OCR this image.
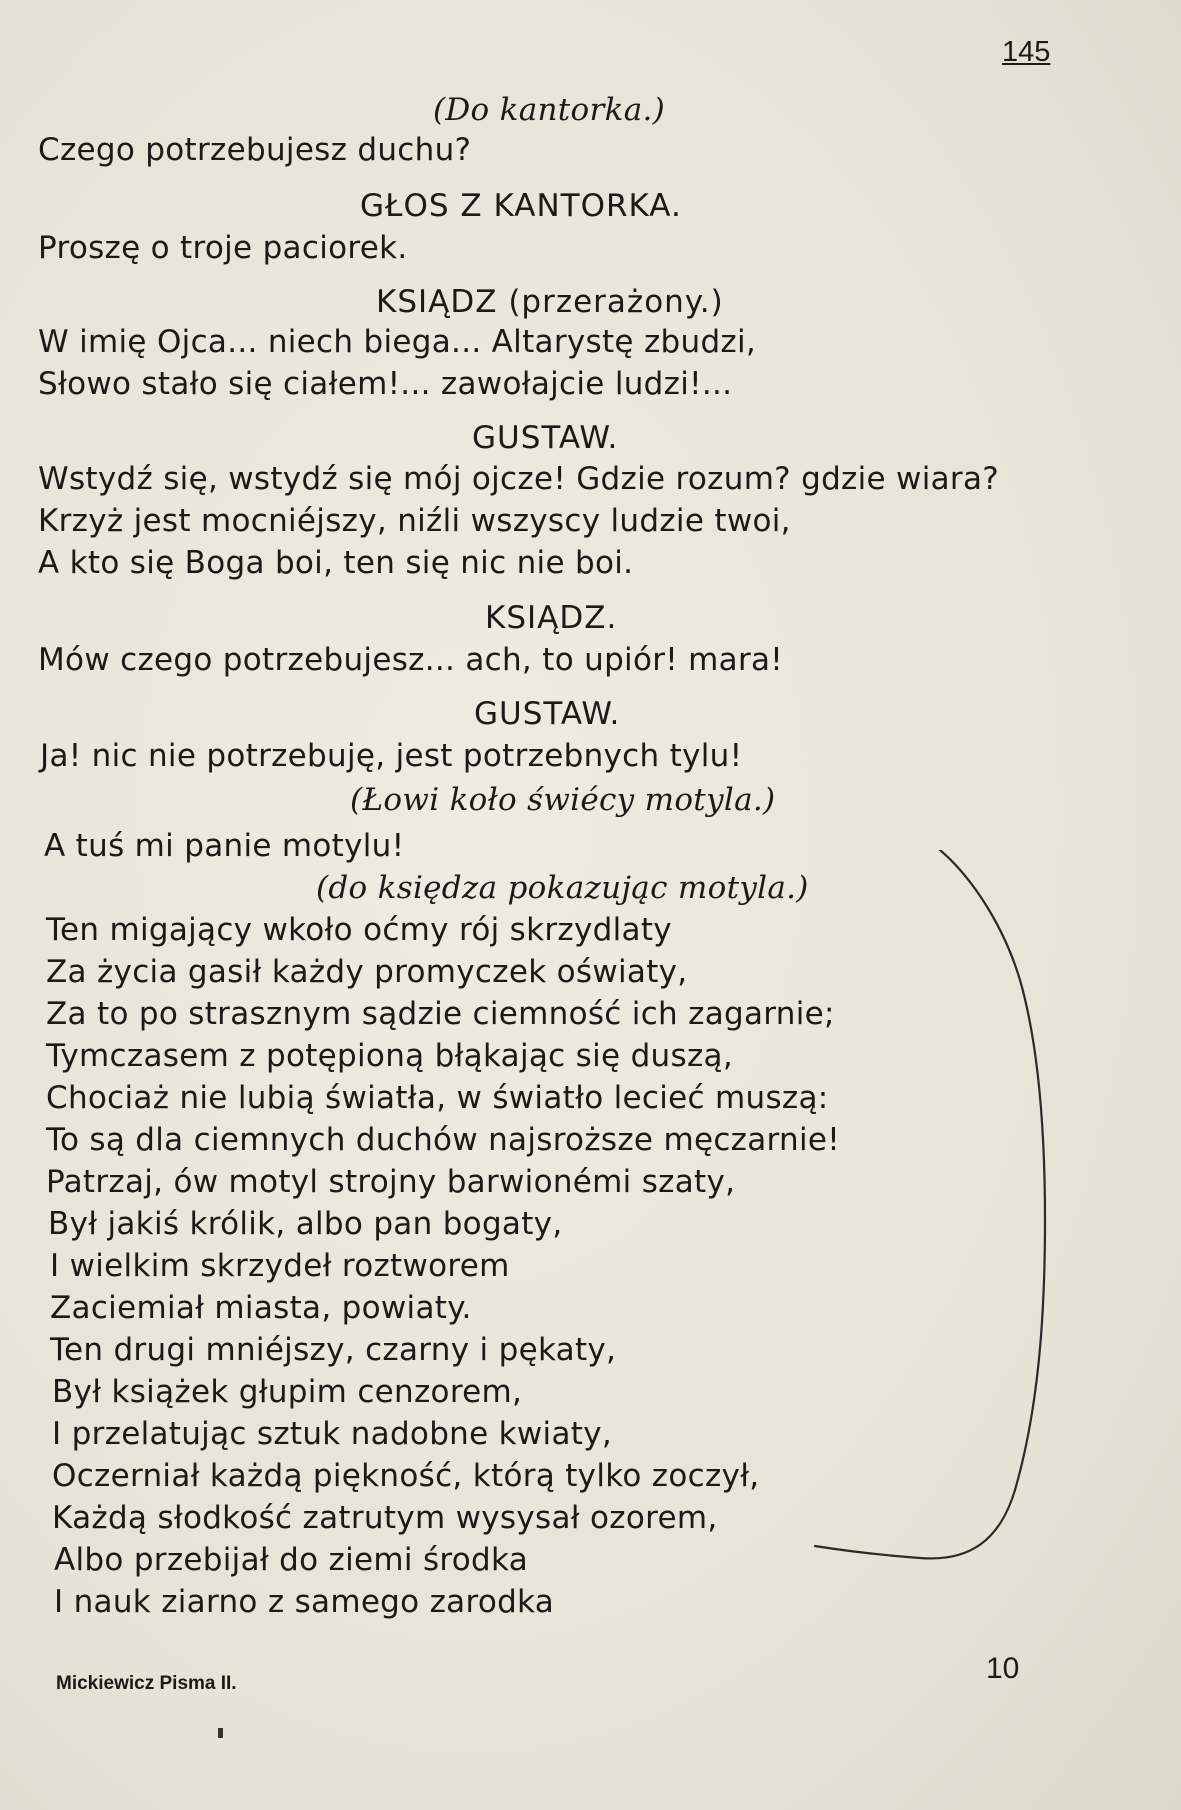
145
(Do kantorka.)
Czego potrzebujesz duchu?
GŁOS Z KANTORKA.
Proszę o troje paciorek.
KSIĄDZ (przerażony.)
W imię Ojca... niech biega... Altarystę zbudzi,
Słowo stało się ciałem!... zawołajcie ludzi!...
GUSTAW.
Wstydź się, wstydź się mój ojcze! Gdzie rozum? gdzie wiara?
Krzyż jest mocniéjszy, niźli wszyscy ludzie twoi,
A kto się Boga boi, ten się nic nie boi.
KSIĄDZ.
Mów czego potrzebujesz... ach, to upiór! mara!
GUSTAW.
Ja! nic nie potrzebuję, jest potrzebnych tylu!
(Łowi koło świécy motyla.)
A tuś mi panie motylu!
(do księdza pokazując motyla.)
Ten migający wkoło oćmy rój skrzydlaty
Za życia gasił każdy promyczek oświaty,
Za to po strasznym sądzie ciemność ich zagarnie;
Tymczasem z potępioną błąkając się duszą,
Chociaż nie lubią światła, w światło lecieć muszą:
To są dla ciemnych duchów najsroższe męczarnie!
Patrzaj, ów motyl strojny barwionémi szaty,
Był jakiś królik, albo pan bogaty,
I wielkim skrzydeł roztworem
Zaciemiał miasta, powiaty.
Ten drugi mniéjszy, czarny i pękaty,
Był książek głupim cenzorem,
I przelatując sztuk nadobne kwiaty,
Oczerniał każdą piękność, którą tylko zoczył,
Każdą słodkość zatrutym wysysał ozorem,
Albo przebijał do ziemi środka
I nauk ziarno z samego zarodka
Mickiewicz Pisma II.	10
